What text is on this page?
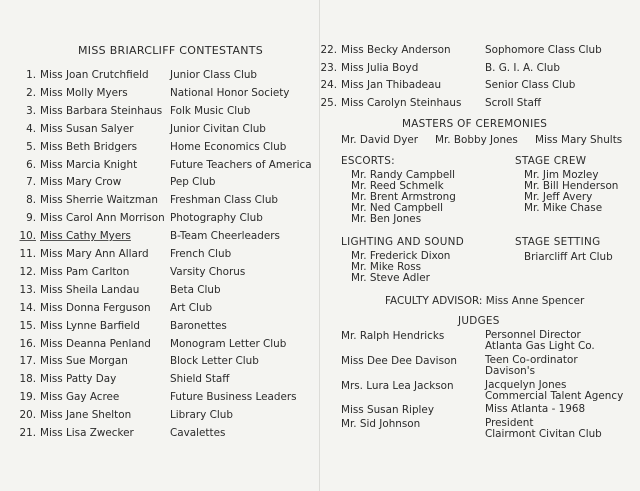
MISS BRIARCLIFF CONTESTANTS
1. Miss Joan Crutchfield Junior Class Club
2. Miss Molly Myers	National Honor Society
3. Miss Barbara Steinhaus Folk Music Club
4. Miss Susan Salyer	Junior Civitan Club
5. Miss Beth Bridgers	Home Economics Club
6. Miss Marcia Knight	Future Teachers of America
7. Miss Mary Crow	Pep Club
8. Miss Sherrie Waitzman Freshman Class Club
9. Miss Carol Ann Morrison Photography Club
10. Miss Cathy Myers	B-Team Cheerleaders
11. Miss Mary Ann Allard French Club
12. Miss Pam Carlton	Varsity Chorus
13. Miss Sheila Landau	Beta Club
14. Miss Donna Ferguson Art Club
15. Miss Lynne Barfield	Baronettes
16. Miss Deanna Penland Monogram Letter Club
17. Miss Sue Morgan	Block Letter Club
18. Miss Patty Day	Shield Staff
19. Miss Gay Acree	Future Business Leaders
20. Miss Jane Shelton	Library Club
21. Miss Lisa Zwecker	Cavalettes
22. Miss Becky Anderson	Sophomore Class Club
23. Miss Julia Boyd	B. G. I. A. Club
24. Miss Jan Thibadeau	Senior Class Club
25. Miss Carolyn Steinhaus Scroll Staff
MASTERS OF CEREMONIES
Mr. David Dyer Mr. Bobby Jones Miss Mary Shults
ESCORTS:
Mr. Randy Campbell
Mr. Reed Schmelk
Mr. Brent Armstrong
Mr. Ned Campbell
Mr. Ben Jones
STAGE CREW
Mr. Jim Mozley
Mr. Bill Henderson
Mr. Jeff Avery
Mr. Mike Chase
LIGHTING AND SOUND
Mr. Frederick Dixon
Mr. Mike Ross
Mr. Steve Adler
STAGE SETTING
Briarcliff Art Club
FACULTY ADVISOR: Miss Anne Spencer
JUDGES
Mr. Ralph Hendricks	Personnel Director
Atlanta Gas Light Co.
Miss Dee Dee Davison	Teen Co-ordinator
Davison's
Mrs. Lura Lea Jackson	Jacquelyn Jones
Commercial Talent Agency
Miss Susan Ripley	Miss Atlanta - 1968
Mr. Sid Johnson	President
Clairmont Civitan Club
